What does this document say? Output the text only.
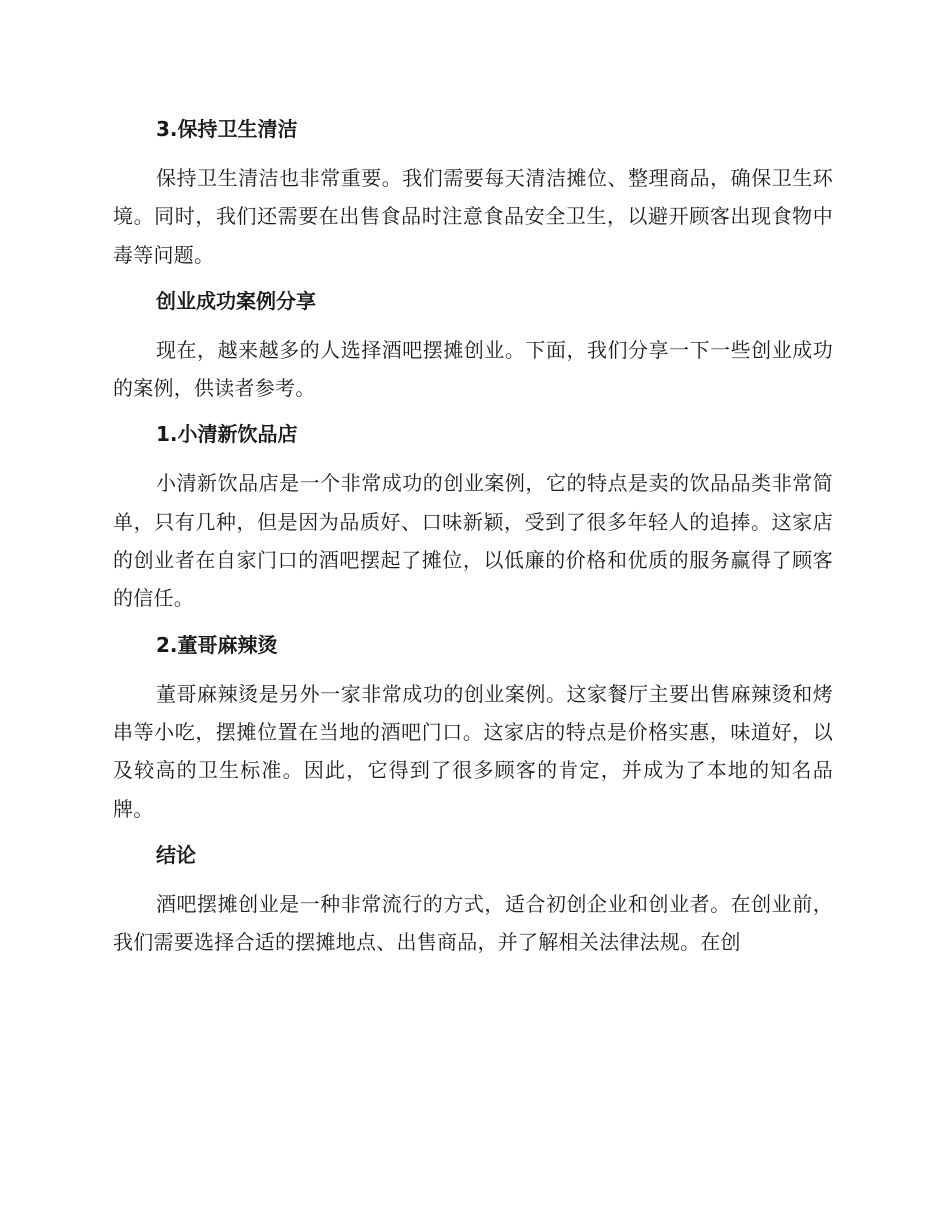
3.保持卫生清洁

保持卫生清洁也非常重要。我们需要每天清洁摊位、整理商品，确保卫生环境。同时，我们还需要在出售食品时注意食品安全卫生，以避开顾客出现食物中毒等问题。

创业成功案例分享

现在，越来越多的人选择酒吧摆摊创业。下面，我们分享一下一些创业成功的案例，供读者参考。

1.小清新饮品店

小清新饮品店是一个非常成功的创业案例，它的特点是卖的饮品品类非常简单，只有几种，但是因为品质好、口味新颖，受到了很多年轻人的追捧。这家店的创业者在自家门口的酒吧摆起了摊位，以低廉的价格和优质的服务赢得了顾客的信任。

2.董哥麻辣烫

董哥麻辣烫是另外一家非常成功的创业案例。这家餐厅主要出售麻辣烫和烤串等小吃，摆摊位置在当地的酒吧门口。这家店的特点是价格实惠，味道好，以及较高的卫生标准。因此，它得到了很多顾客的肯定，并成为了本地的知名品牌。

结论

酒吧摆摊创业是一种非常流行的方式，适合初创企业和创业者。在创业前，我们需要选择合适的摆摊地点、出售商品，并了解相关法律法规。在创
